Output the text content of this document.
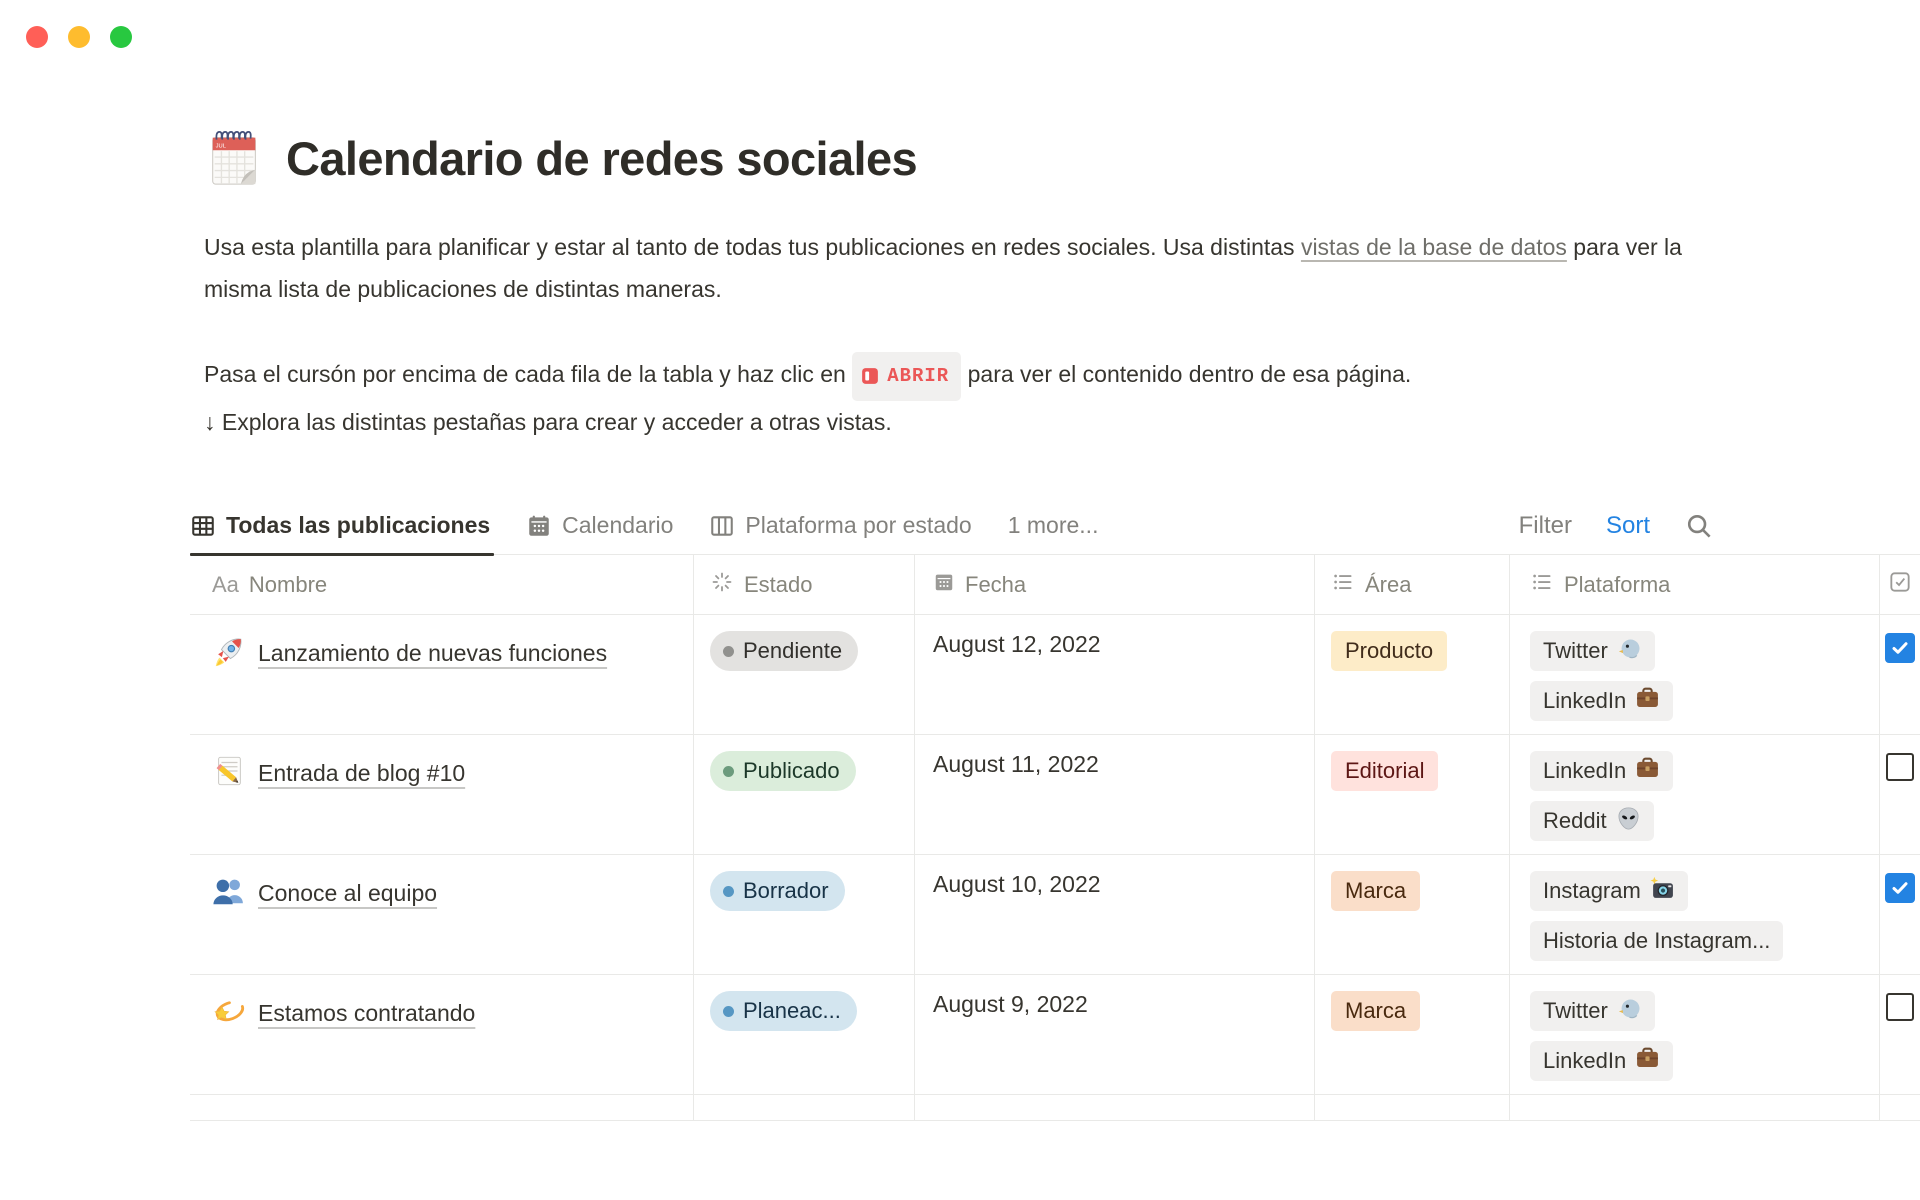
JUL Calendario de redes sociales

Usa esta plantilla para planificar y estar al tanto de todas tus publicaciones en redes sociales. Usa distintas vistas de la base de datos para ver la misma lista de publicaciones de distintas maneras.

Pasa el cursón por encima de cada fila de la tabla y haz clic en ABRIR para ver el contenido dentro de esa página.
↓ Explora las distintas pestañas para crear y acceder a otras vistas.

Todas las publicaciones	Calendario	Plataforma por estado 1 more...	Filter Sort
Aa Nombre	Estado	Fecha	Área	Plataforma
Lanzamiento de nuevas funciones	Pendiente	August 12, 2022	Producto	Twitter
LinkedIn
Entrada de blog #10	Publicado	August 11, 2022	Editorial	LinkedIn
Reddit
Conoce al equipo	Borrador	August 10, 2022	Marca	Instagram
Historia de Instagram...
Estamos contratando	Planeac...	August 9, 2022	Marca	Twitter
LinkedIn
